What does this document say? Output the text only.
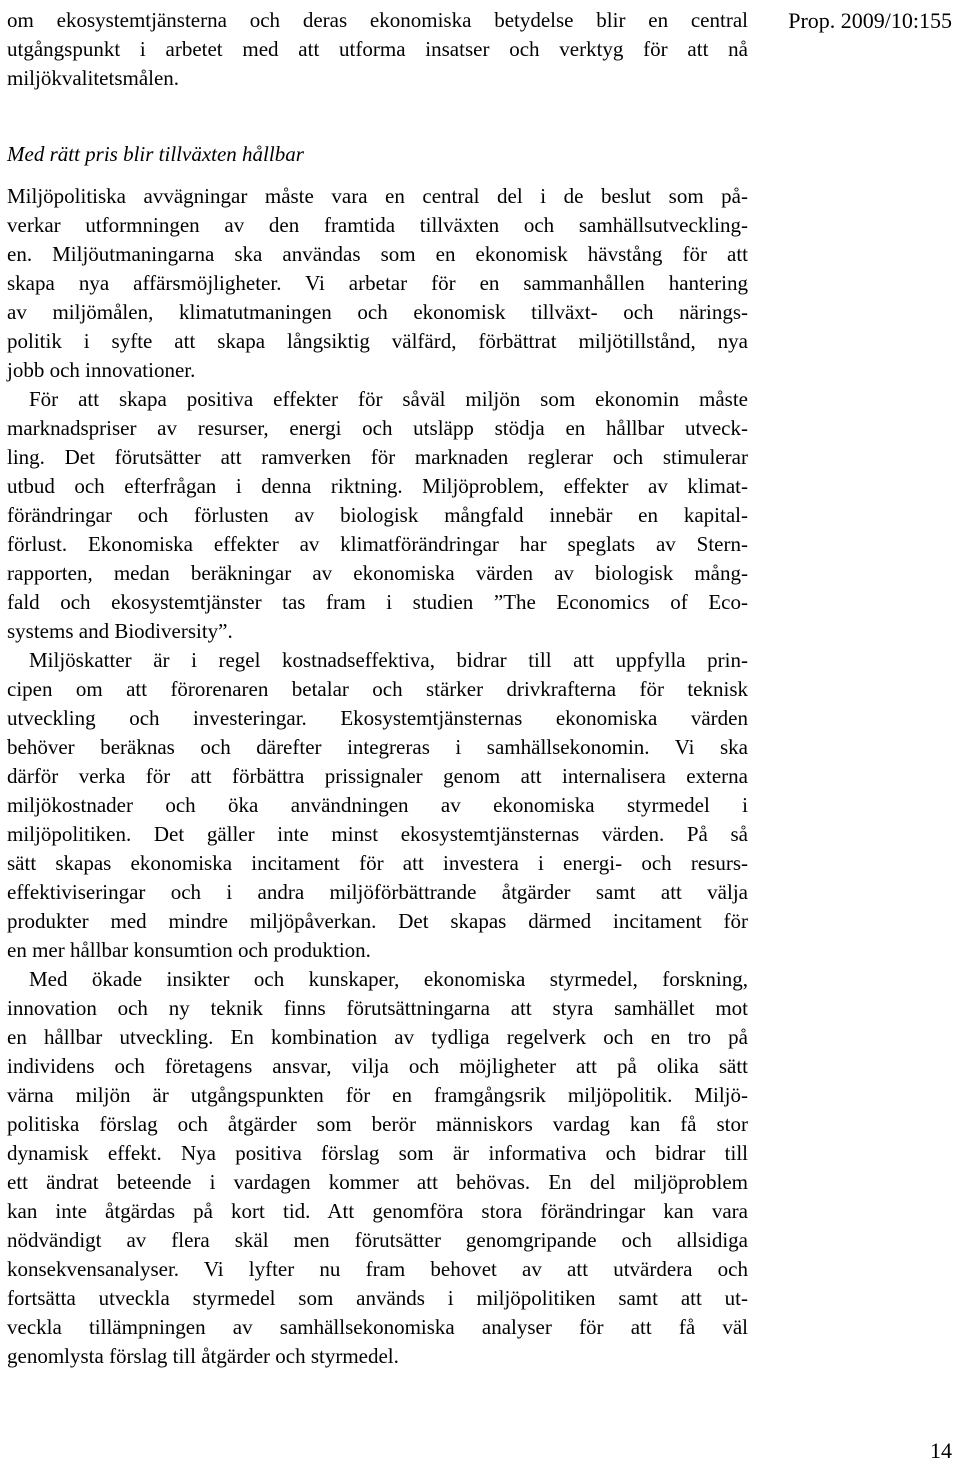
Prop. 2009/10:155
om ekosystemtjänsterna och deras ekonomiska betydelse blir en central
utgångspunkt i arbetet med att utforma insatser och verktyg för att nå
miljökvalitetsmålen.
Med rätt pris blir tillväxten hållbar
Miljöpolitiska avvägningar måste vara en central del i de beslut som på-
verkar utformningen av den framtida tillväxten och samhällsutveckling-
en. Miljöutmaningarna ska användas som en ekonomisk hävstång för att
skapa nya affärsmöjligheter. Vi arbetar för en sammanhållen hantering
av miljömålen, klimatutmaningen och ekonomisk tillväxt- och närings-
politik i syfte att skapa långsiktig välfärd, förbättrat miljötillstånd, nya
jobb och innovationer.
För att skapa positiva effekter för såväl miljön som ekonomin måste
marknadspriser av resurser, energi och utsläpp stödja en hållbar utveck-
ling. Det förutsätter att ramverken för marknaden reglerar och stimulerar
utbud och efterfrågan i denna riktning. Miljöproblem, effekter av klimat-
förändringar och förlusten av biologisk mångfald innebär en kapital-
förlust. Ekonomiska effekter av klimatförändringar har speglats av Stern-
rapporten, medan beräkningar av ekonomiska värden av biologisk mång-
fald och ekosystemtjänster tas fram i studien ”The Economics of Eco-
systems and Biodiversity”.
Miljöskatter är i regel kostnadseffektiva, bidrar till att uppfylla prin-
cipen om att förorenaren betalar och stärker drivkrafterna för teknisk
utveckling och investeringar. Ekosystemtjänsternas ekonomiska värden
behöver beräknas och därefter integreras i samhällsekonomin. Vi ska
därför verka för att förbättra prissignaler genom att internalisera externa
miljökostnader och öka användningen av ekonomiska styrmedel i
miljöpolitiken. Det gäller inte minst ekosystemtjänsternas värden. På så
sätt skapas ekonomiska incitament för att investera i energi- och resurs-
effektiviseringar och i andra miljöförbättrande åtgärder samt att välja
produkter med mindre miljöpåverkan. Det skapas därmed incitament för
en mer hållbar konsumtion och produktion.
Med ökade insikter och kunskaper, ekonomiska styrmedel, forskning,
innovation och ny teknik finns förutsättningarna att styra samhället mot
en hållbar utveckling. En kombination av tydliga regelverk och en tro på
individens och företagens ansvar, vilja och möjligheter att på olika sätt
värna miljön är utgångspunkten för en framgångsrik miljöpolitik. Miljö-
politiska förslag och åtgärder som berör människors vardag kan få stor
dynamisk effekt. Nya positiva förslag som är informativa och bidrar till
ett ändrat beteende i vardagen kommer att behövas. En del miljöproblem
kan inte åtgärdas på kort tid. Att genomföra stora förändringar kan vara
nödvändigt av flera skäl men förutsätter genomgripande och allsidiga
konsekvensanalyser. Vi lyfter nu fram behovet av att utvärdera och
fortsätta utveckla styrmedel som används i miljöpolitiken samt att ut-
veckla tillämpningen av samhällsekonomiska analyser för att få väl
genomlysta förslag till åtgärder och styrmedel.
14
